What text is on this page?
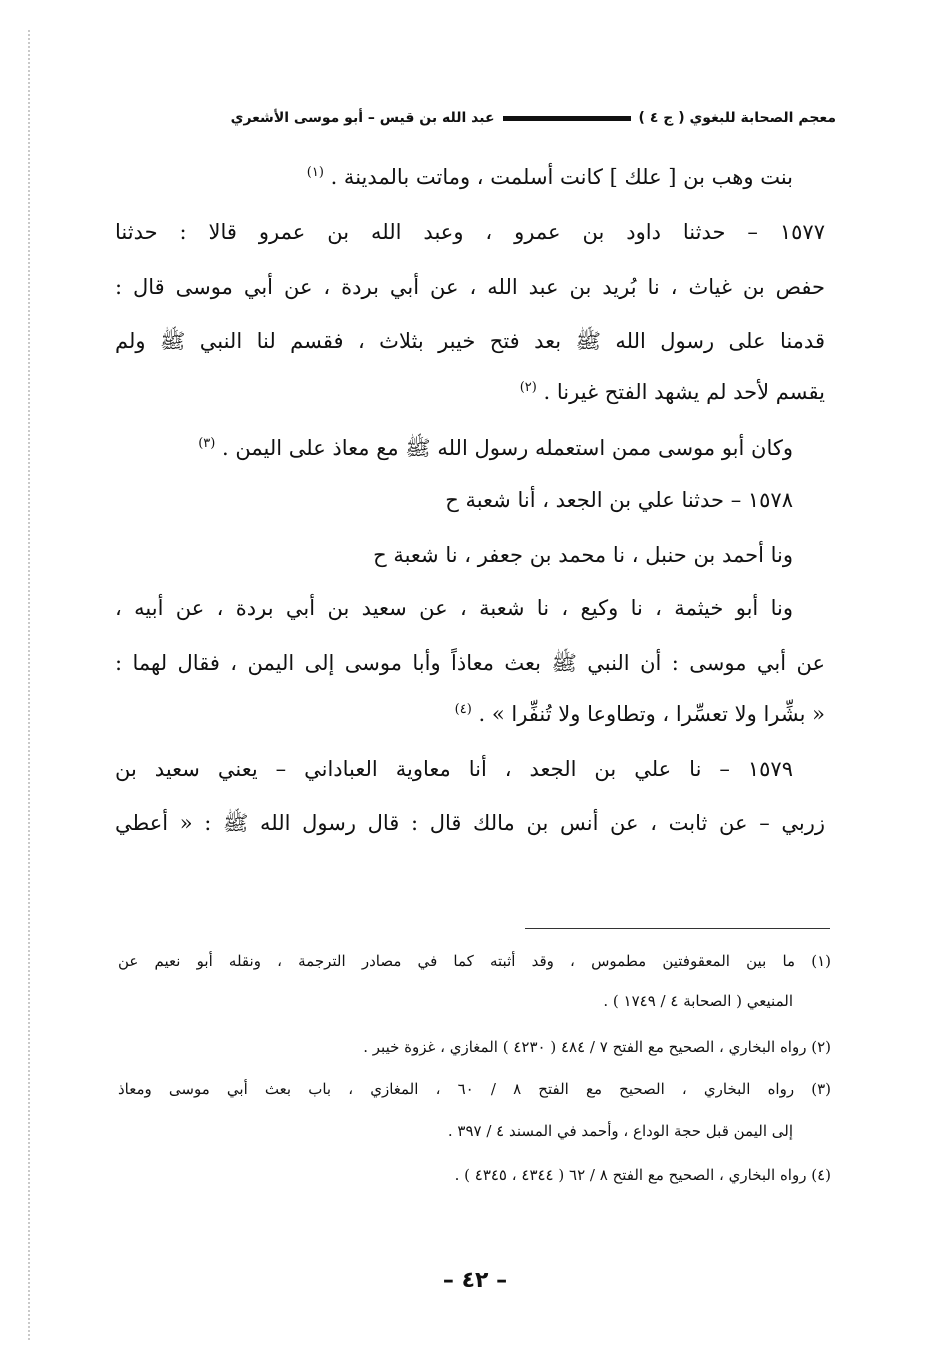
معجم الصحابة للبغوي ( ج ٤ )
عبد الله بن قيس – أبو موسى الأشعري
بنت وهب بن [ علك ] كانت أسلمت ، وماتت بالمدينة . $^{(١)}$
١٥٧٧ – حدثنا داود بن عمرو ، وعبد الله بن عمرو قالا : حدثنا
حفص بن غياث ، نا بُريد بن عبد الله ، عن أبي بردة ، عن أبي موسى قال :
قدمنا على رسول الله ﷺ بعد فتح خيبر بثلاث ، فقسم لنا النبي ﷺ ولم
يقسم لأحد لم يشهد الفتح غيرنا . $^{(٢)}$
وكان أبو موسى ممن استعمله رسول الله ﷺ مع معاذ على اليمن . $^{(٣)}$
١٥٧٨ – حدثنا علي بن الجعد ، أنا شعبة ح
ونا أحمد بن حنبل ، نا محمد بن جعفر ، نا شعبة ح
ونا أبو خيثمة ، نا وكيع ، نا شعبة ، عن سعيد بن أبي بردة ، عن أبيه ،
عن أبي موسى : أن النبي ﷺ بعث معاذاً وأبا موسى إلى اليمن ، فقال لهما :
« بشِّرا ولا تعسِّرا ، وتطاوعا ولا تُنفِّرا » . $^{(٤)}$
١٥٧٩ – نا علي بن الجعد ، أنا معاوية العباداني – يعني سعيد بن
زربي – عن ثابت ، عن أنس بن مالك قال : قال رسول الله ﷺ : « أعطي
(١) ما بين المعقوفتين مطموس ، وقد أثبته كما في مصادر الترجمة ، ونقله أبو نعيم عن
المنيعي ( الصحابة ٤ / ١٧٤٩ ) .
(٢) رواه البخاري ، الصحيح مع الفتح ٧ / ٤٨٤ ( ٤٢٣٠ ) المغازي ، غزوة خيبر .
(٣) رواه البخاري ، الصحيح مع الفتح ٨ / ٦٠ ، المغازي ، باب بعث أبي موسى ومعاذ
إلى اليمن قبل حجة الوداع ، وأحمد في المسند ٤ / ٣٩٧ .
(٤) رواه البخاري ، الصحيح مع الفتح ٨ / ٦٢ ( ٤٣٤٤ ، ٤٣٤٥ ) .
– ٤٢ –
